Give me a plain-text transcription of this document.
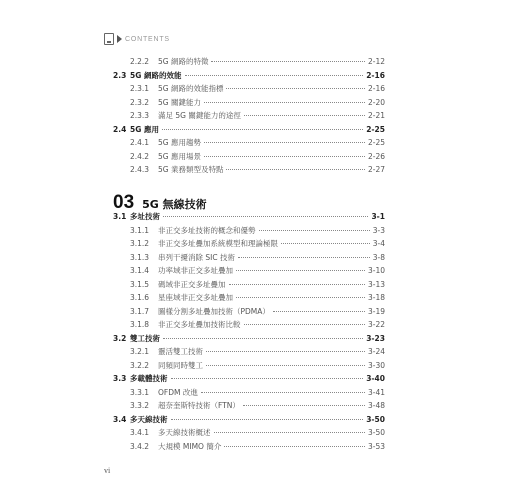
CONTENTS
2.2.2	5G 網路的特徵	2-12
2.3 5G 網路的效能	2-16
2.3.1	5G 網路的效能指標	2-16
2.3.2	5G 關鍵能力	2-20
2.3.3	滿足 5G 關鍵能力的途徑	2-21
2.4 5G 應用	2-25
2.4.1	5G 應用趨勢	2-25
2.4.2	5G 應用場景	2-26
2.4.3	5G 業務類型及特點	2-27
03 5G 無線技術
3.1 多址技術	3-1
3.1.1	非正交多址技術的概念和優勢	3-3
3.1.2	非正交多址疊加系統模型和理論極限	3-4
3.1.3	串列干擾消除 SIC 技術	3-8
3.1.4	功率域非正交多址疊加	3-10
3.1.5	碼域非正交多址疊加	3-13
3.1.6	星座域非正交多址疊加	3-18
3.1.7	圖樣分割多址疊加技術（PDMA）	3-19
3.1.8	非正交多址疊加技術比較	3-22
3.2 雙工技術	3-23
3.2.1	靈活雙工技術	3-24
3.2.2	同頻同時雙工	3-30
3.3 多載體技術	3-40
3.3.1	OFDM 改進	3-41
3.3.2	超奈奎斯特技術（FTN）	3-48
3.4 多天線技術	3-50
3.4.1	多天線技術概述	3-50
3.4.2	大規模 MIMO 簡介	3-53
vi
